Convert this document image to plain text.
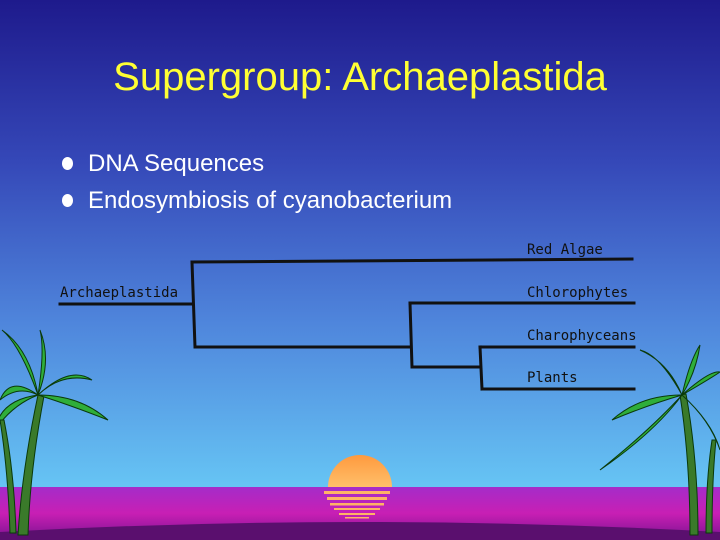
Supergroup: Archaeplastida
DNA Sequences
Endosymbiosis of cyanobacterium
Archaeplastida
Red Algae
Chlorophytes
Charophyceans
Plants
